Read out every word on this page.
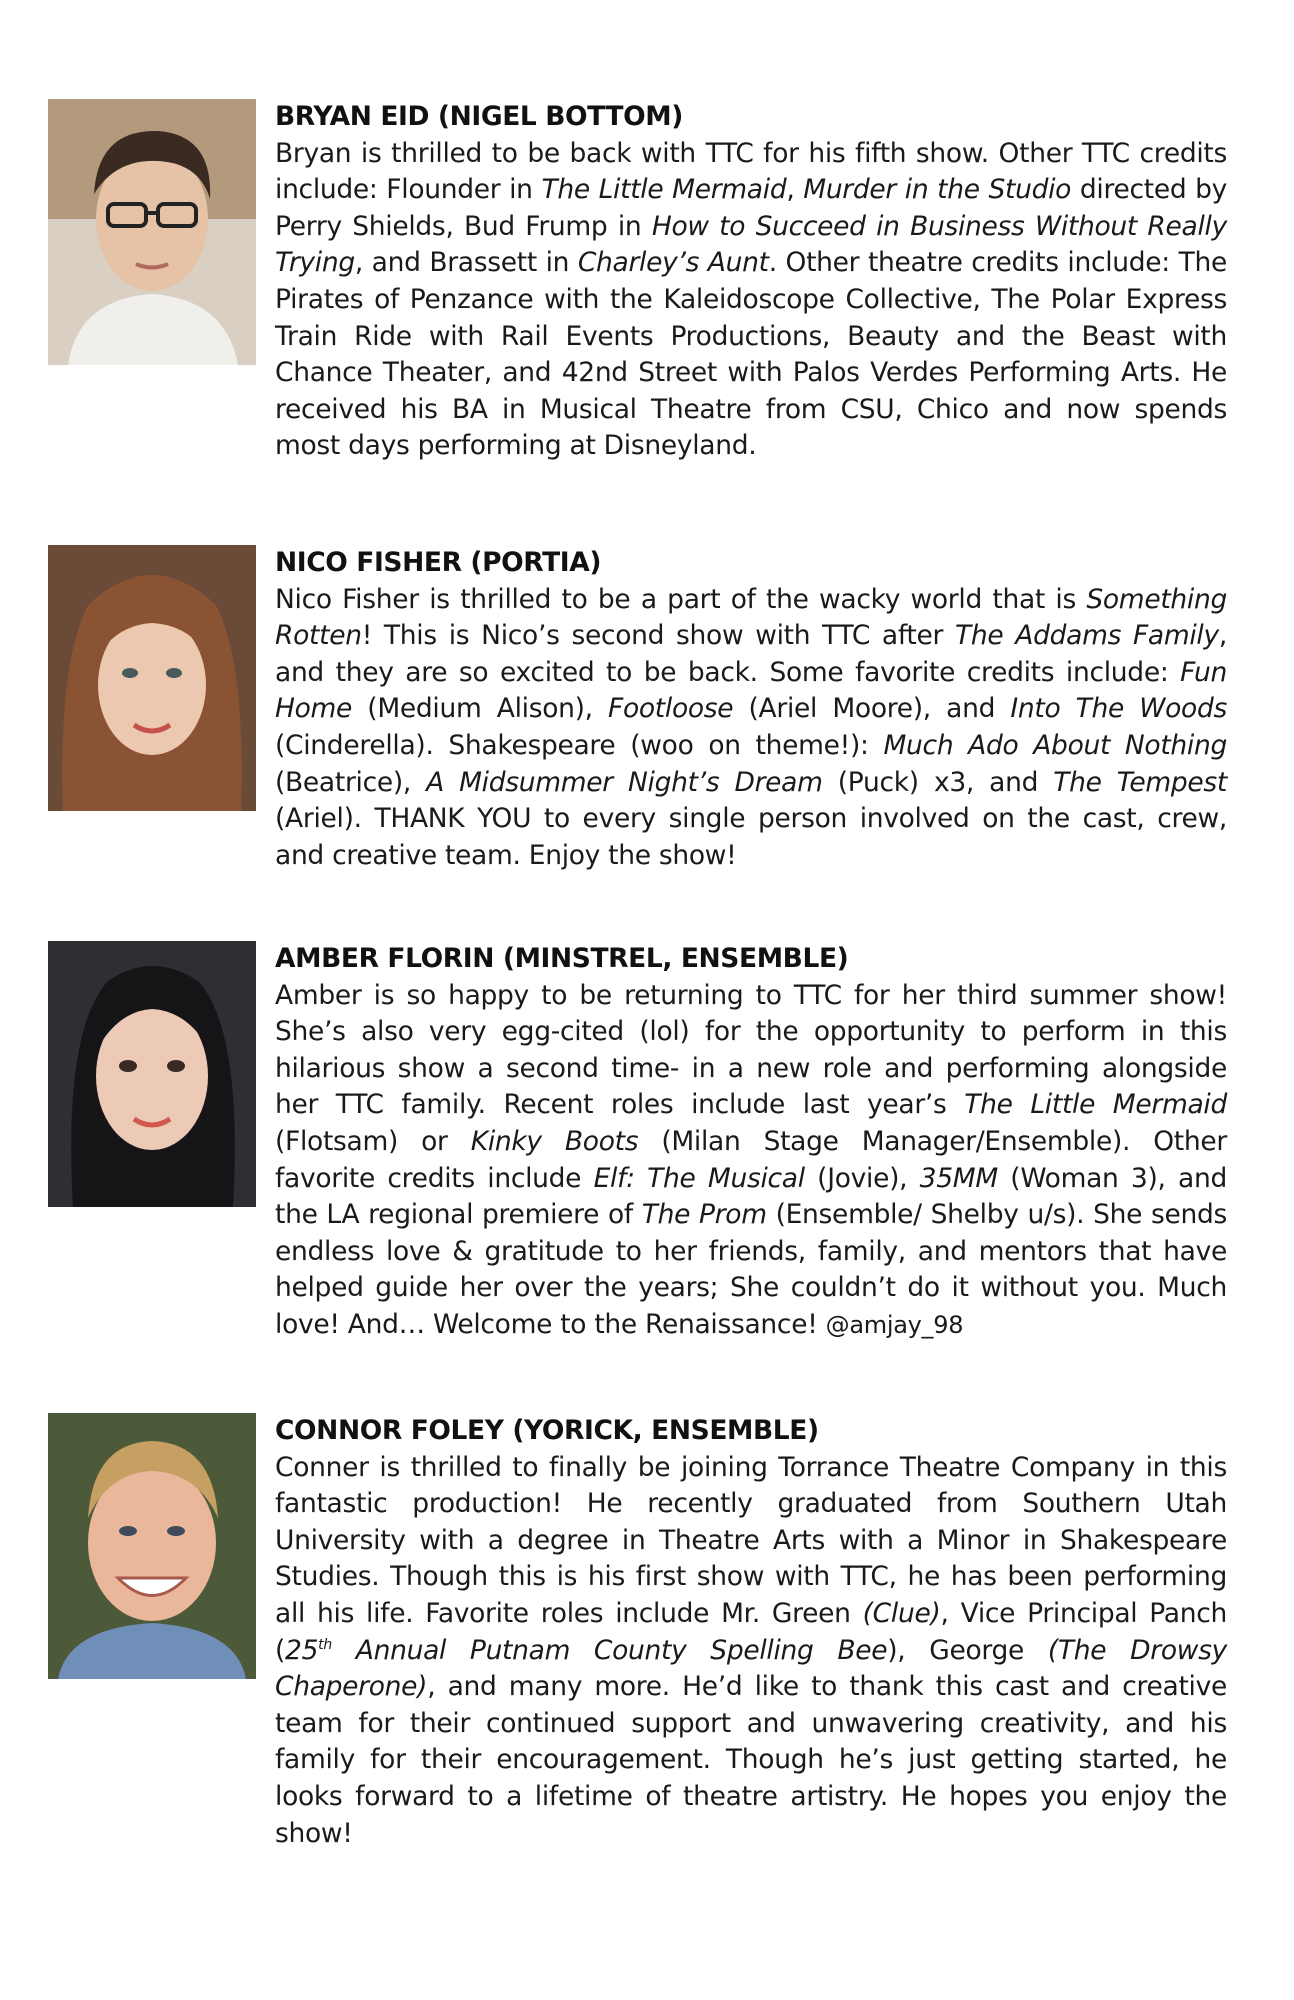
BRYAN EID (NIGEL BOTTOM)

Bryan is thrilled to be back with TTC for his fifth show. Other TTC credits include: Flounder in The Little Mermaid, Murder in the Studio directed by Perry Shields, Bud Frump in How to Succeed in Business Without Really Trying, and Brassett in Charley’s Aunt. Other theatre credits include: The Pirates of Penzance with the Kaleidoscope Collective, The Polar Express Train Ride with Rail Events Productions, Beauty and the Beast with Chance Theater, and 42nd Street with Palos Verdes Performing Arts. He received his BA in Musical Theatre from CSU, Chico and now spends most days performing at Disneyland.

NICO FISHER (PORTIA)

Nico Fisher is thrilled to be a part of the wacky world that is Something Rotten! This is Nico’s second show with TTC after The Addams Family, and they are so excited to be back. Some favorite credits include: Fun Home (Medium Alison), Footloose (Ariel Moore), and Into The Woods (Cinderella). Shakespeare (woo on theme!): Much Ado About Nothing (Beatrice), A Midsummer Night’s Dream (Puck) x3, and The Tempest (Ariel). THANK YOU to every single person involved on the cast, crew, and creative team. Enjoy the show!

AMBER FLORIN (MINSTREL, ENSEMBLE)

Amber is so happy to be returning to TTC for her third summer show! She’s also very egg-cited (lol) for the opportunity to perform in this hilarious show a second time- in a new role and performing alongside her TTC family. Recent roles include last year’s The Little Mermaid (Flotsam) or Kinky Boots (Milan Stage Manager/Ensemble). Other favorite credits include Elf: The Musical (Jovie), 35MM (Woman 3), and the LA regional premiere of The Prom (Ensemble/ Shelby u/s). She sends endless love & gratitude to her friends, family, and mentors that have helped guide her over the years; She couldn’t do it without you. Much love! And… Welcome to the Renaissance! @amjay_98

CONNOR FOLEY (YORICK, ENSEMBLE)

Conner is thrilled to finally be joining Torrance Theatre Company in this fantastic production! He recently graduated from Southern Utah University with a degree in Theatre Arts with a Minor in Shakespeare Studies. Though this is his first show with TTC, he has been performing all his life. Favorite roles include Mr. Green (Clue), Vice Principal Panch (25th Annual Putnam County Spelling Bee), George (The Drowsy Chaperone), and many more. He’d like to thank this cast and creative team for their continued support and unwavering creativity, and his family for their encouragement. Though he’s just getting started, he looks forward to a lifetime of theatre artistry. He hopes you enjoy the show!
